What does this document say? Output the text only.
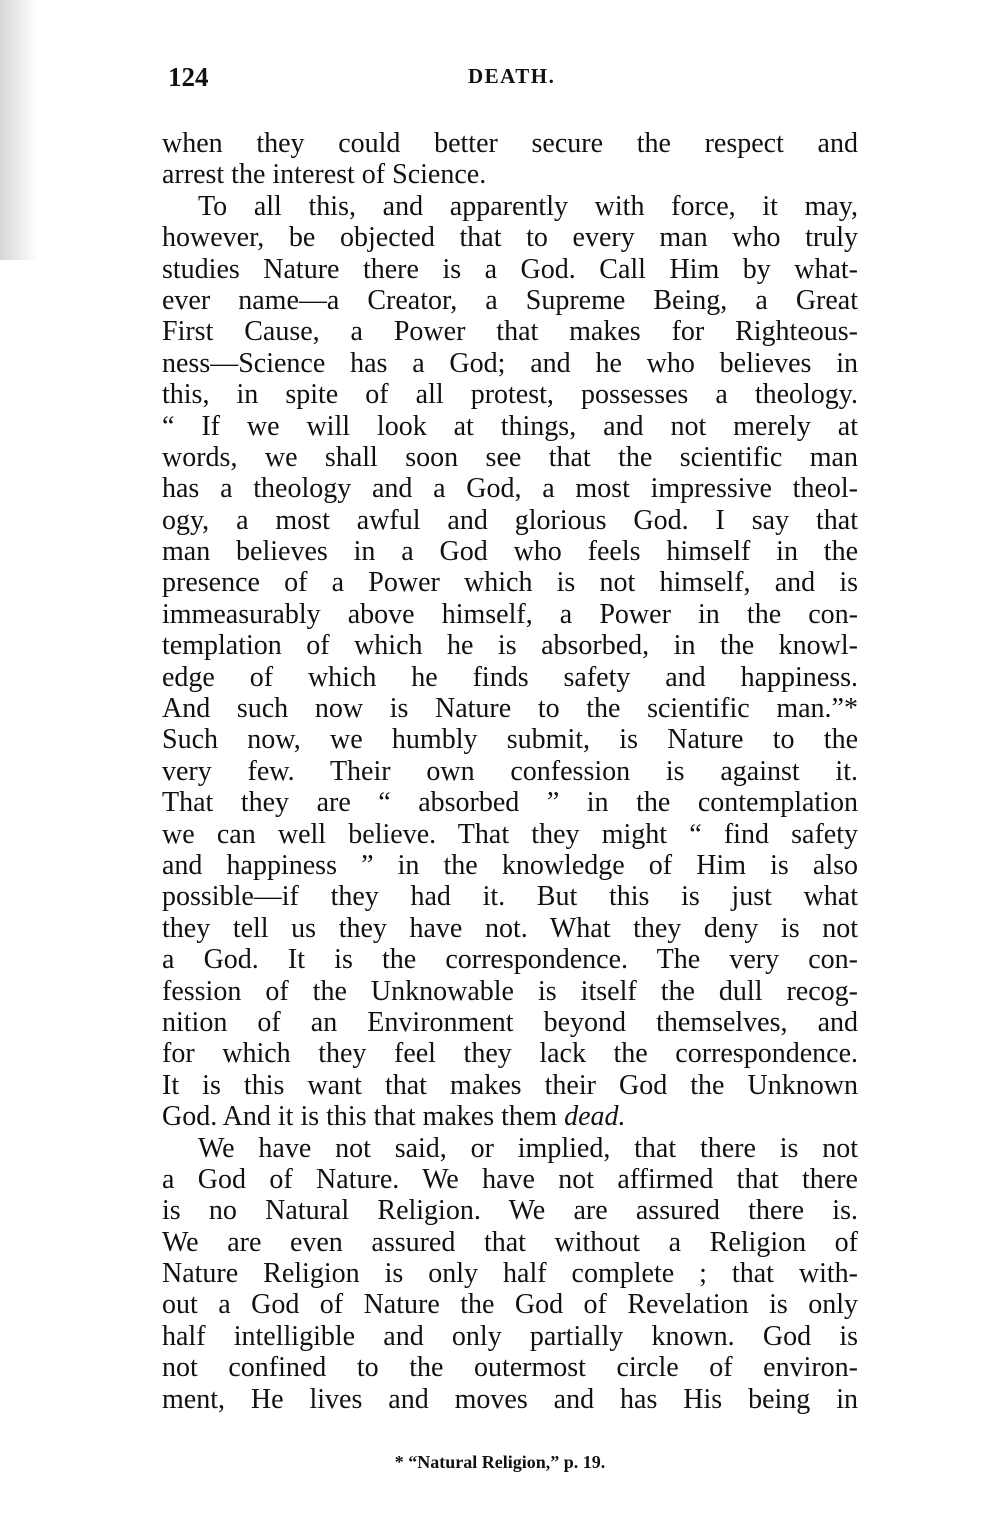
124	DEATH.
when they could better secure the respect and
arrest the interest of Science.
To all this, and apparently with force, it may,
however, be objected that to every man who truly
studies Nature there is a God. Call Him by what-
ever name—a Creator, a Supreme Being, a Great
First Cause, a Power that makes for Righteous-
ness—Science has a God; and he who believes in
this, in spite of all protest, possesses a theology.
“ If we will look at things, and not merely at
words, we shall soon see that the scientific man
has a theology and a God, a most impressive theol-
ogy, a most awful and glorious God. I say that
man believes in a God who feels himself in the
presence of a Power which is not himself, and is
immeasurably above himself, a Power in the con-
templation of which he is absorbed, in the knowl-
edge of which he finds safety and happiness.
And such now is Nature to the scientific man.”*
Such now, we humbly submit, is Nature to the
very few. Their own confession is against it.
That they are “ absorbed ” in the contemplation
we can well believe. That they might “ find safety
and happiness ” in the knowledge of Him is also
possible—if they had it. But this is just what
they tell us they have not. What they deny is not
a God. It is the correspondence. The very con-
fession of the Unknowable is itself the dull recog-
nition of an Environment beyond themselves, and
for which they feel they lack the correspondence.
It is this want that makes their God the Unknown
God. And it is this that makes them dead.
We have not said, or implied, that there is not
a God of Nature. We have not affirmed that there
is no Natural Religion. We are assured there is.
We are even assured that without a Religion of
Nature Religion is only half complete ; that with-
out a God of Nature the God of Revelation is only
half intelligible and only partially known. God is
not confined to the outermost circle of environ-
ment, He lives and moves and has His being in
* “Natural Religion,” p. 19.
